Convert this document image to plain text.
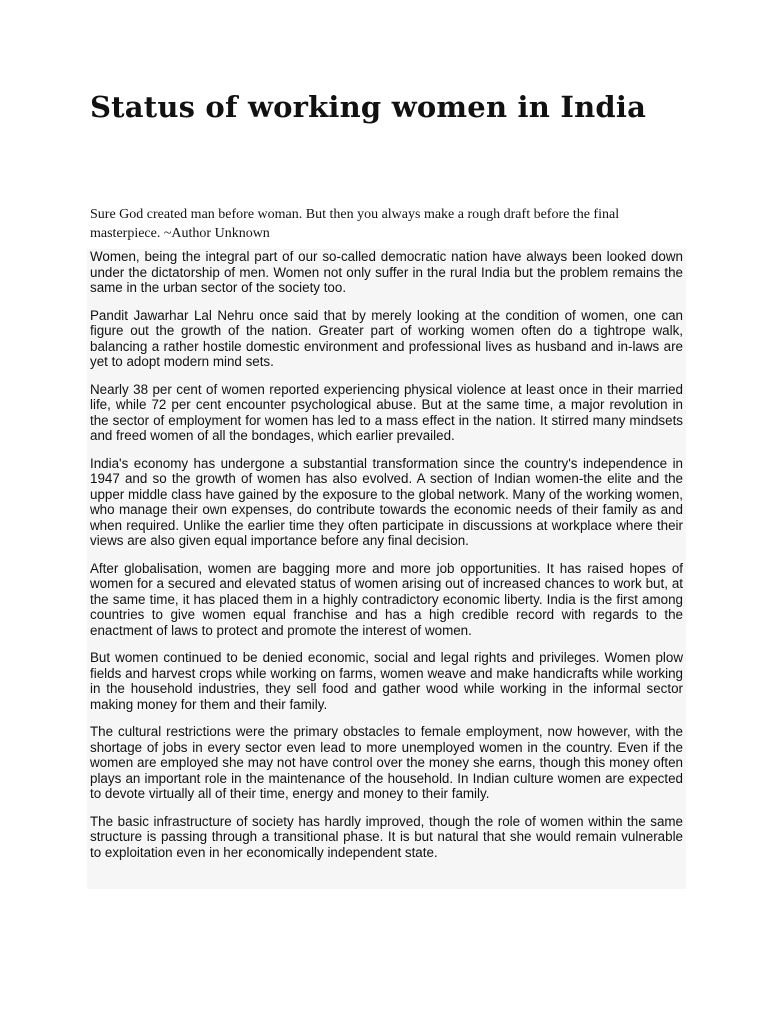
Status of working women in India

Sure God created man before woman. But then you always make a rough draft before the final masterpiece. ~Author Unknown

Women, being the integral part of our so-called democratic nation have always been looked down under the dictatorship of men. Women not only suffer in the rural India but the problem remains the same in the urban sector of the society too.

Pandit Jawarhar Lal Nehru once said that by merely looking at the condition of women, one can figure out the growth of the nation. Greater part of working women often do a tightrope walk, balancing a rather hostile domestic environment and professional lives as husband and in-laws are yet to adopt modern mind sets.

Nearly 38 per cent of women reported experiencing physical violence at least once in their married life, while 72 per cent encounter psychological abuse. But at the same time, a major revolution in the sector of employment for women has led to a mass effect in the nation. It stirred many mindsets and freed women of all the bondages, which earlier prevailed.

India's economy has undergone a substantial transformation since the country's independence in 1947 and so the growth of women has also evolved. A section of Indian women-the elite and the upper middle class have gained by the exposure to the global network. Many of the working women, who manage their own expenses, do contribute towards the economic needs of their family as and when required. Unlike the earlier time they often participate in discussions at workplace where their views are also given equal importance before any final decision.

After globalisation, women are bagging more and more job opportunities. It has raised hopes of women for a secured and elevated status of women arising out of increased chances to work but, at the same time, it has placed them in a highly contradictory economic liberty. India is the first among countries to give women equal franchise and has a high credible record with regards to the enactment of laws to protect and promote the interest of women.

But women continued to be denied economic, social and legal rights and privileges. Women plow fields and harvest crops while working on farms, women weave and make handicrafts while working in the household industries, they sell food and gather wood while working in the informal sector making money for them and their family.

The cultural restrictions were the primary obstacles to female employment, now however, with the shortage of jobs in every sector even lead to more unemployed women in the country. Even if the women are employed she may not have control over the money she earns, though this money often plays an important role in the maintenance of the household. In Indian culture women are expected to devote virtually all of their time, energy and money to their family.

The basic infrastructure of society has hardly improved, though the role of women within the same structure is passing through a transitional phase. It is but natural that she would remain vulnerable to exploitation even in her economically independent state.
